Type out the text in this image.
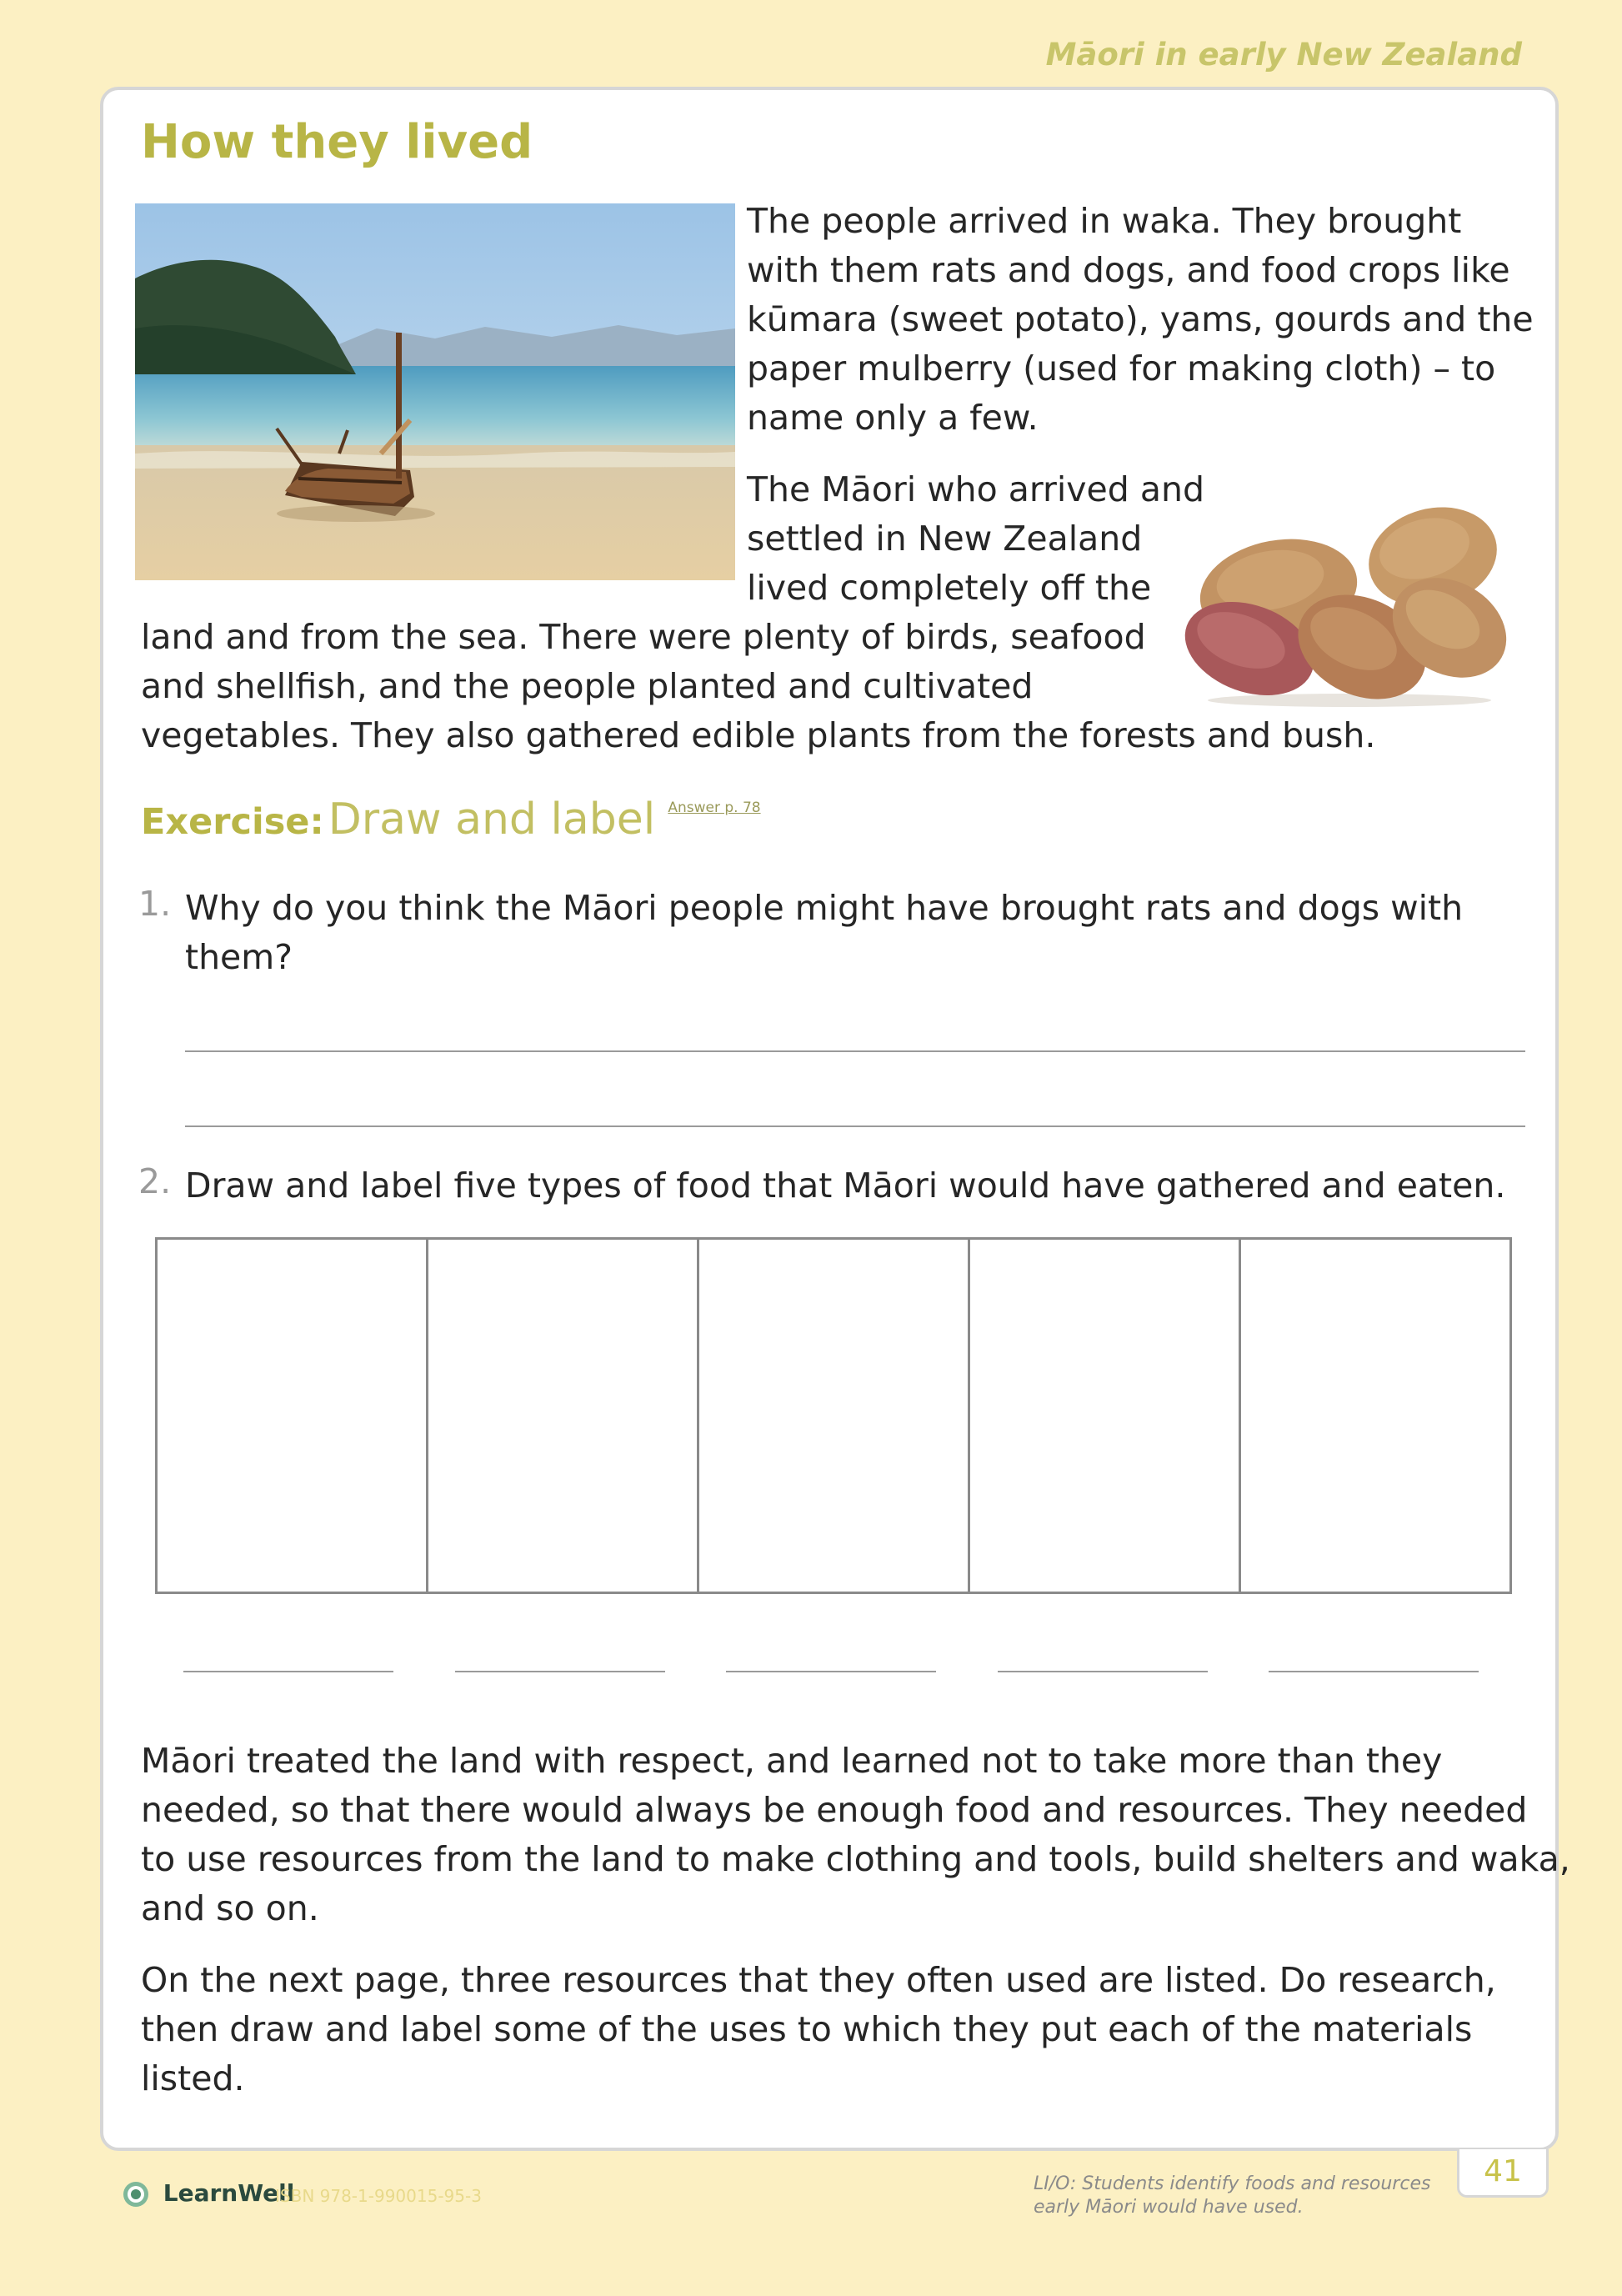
Māori in early New Zealand
How they lived
The people arrived in waka. They brought
with them rats and dogs, and food crops like
kūmara (sweet potato), yams, gourds and the
paper mulberry (used for making cloth) – to
name only a few.
The Māori who arrived and
settled in New Zealand
lived completely off the
land and from the sea. There were plenty of birds, seafood
and shellfish, and the people planted and cultivated
vegetables. They also gathered edible plants from the forests and bush.
Exercise: Draw and label Answer p. 78
1. Why do you think the Māori people might have brought rats and dogs with
them?
2. Draw and label five types of food that Māori would have gathered and eaten.
Māori treated the land with respect, and learned not to take more than they
needed, so that there would always be enough food and resources. They needed
to use resources from the land to make clothing and tools, build shelters and waka,
and so on.
On the next page, three resources that they often used are listed. Do research,
then draw and label some of the uses to which they put each of the materials
listed.
LearnWell
ISBN 978-1-990015-95-3
LI/O: Students identify foods and resources
early Māori would have used.
41
